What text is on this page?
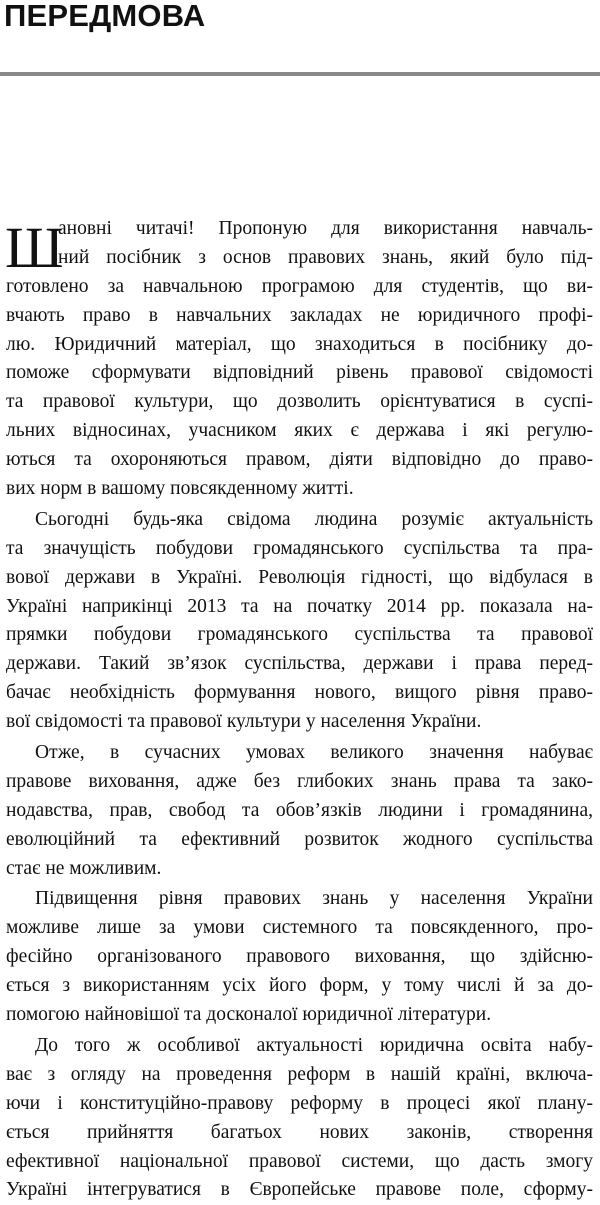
ПЕРЕДМОВА
Ш
ановні читачі! Пропоную для використання навчаль-
ний посібник з основ правових знань, який було під-
готовлено за навчальною програмою для студентів, що ви-
вчають право в навчальних закладах не юридичного профі-
лю. Юридичний матеріал, що знаходиться в посібнику до-
поможе сформувати відповідний рівень правової свідомості
та правової культури, що дозволить орієнтуватися в суспі-
льних відносинах, учасником яких є держава і які регулю-
ються та охороняються правом, діяти відповідно до право-
вих норм в вашому повсякденному житті.
Сьогодні будь-яка свідома людина розуміє актуальність
та значущість побудови громадянського суспільства та пра-
вової держави в Україні. Революція гідності, що відбулася в
Україні наприкінці 2013 та на початку 2014 рр. показала на-
прямки побудови громадянського суспільства та правової
держави. Такий зв’язок суспільства, держави і права перед-
бачає необхідність формування нового, вищого рівня право-
вої свідомості та правової культури у населення України.
Отже, в сучасних умовах великого значення набуває
правове виховання, адже без глибоких знань права та зако-
нодавства, прав, свобод та обов’язків людини і громадянина,
еволюційний та ефективний розвиток жодного суспільства
стає не можливим.
Підвищення рівня правових знань у населення України
можливе лише за умови системного та повсякденного, про-
фесійно організованого правового виховання, що здійсню-
ється з використанням усіх його форм, у тому числі й за до-
помогою найновішої та досконалої юридичної літератури.
До того ж особливої актуальності юридична освіта набу-
ває з огляду на проведення реформ в нашій країні, включа-
ючи і конституційно-правову реформу в процесі якої плану-
ється прийняття багатьох нових законів, створення
ефективної національної правової системи, що дасть змогу
Україні інтегруватися в Європейське правове поле, сформу-
